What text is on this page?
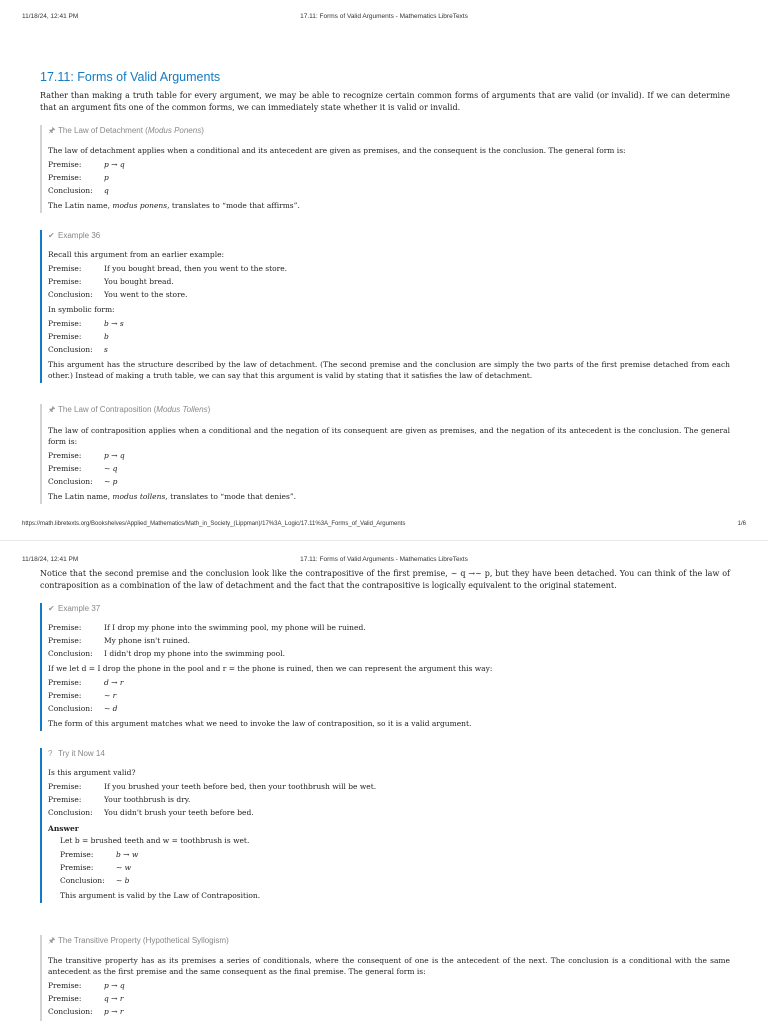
11/18/24, 12:41 PM	17.11: Forms of Valid Arguments - Mathematics LibreTexts
17.11: Forms of Valid Arguments

Rather than making a truth table for every argument, we may be able to recognize certain common forms of arguments that are valid (or invalid). If we can determine that an argument fits one of the common forms, we can immediately state whether it is valid or invalid.

🖈︎ The Law of Detachment (Modus Ponens)

The law of detachment applies when a conditional and its antecedent are given as premises, and the consequent is the conclusion. The general form is:

Premise:	p → q
Premise:	p
Conclusion:	q

The Latin name, modus ponens, translates to “mode that affirms”.

✔ Example 36

Recall this argument from an earlier example:

Premise:	If you bought bread, then you went to the store.
Premise:	You bought bread.
Conclusion:	You went to the store.

In symbolic form:

Premise:	b → s
Premise:	b
Conclusion:	s

This argument has the structure described by the law of detachment. (The second premise and the conclusion are simply the two parts of the first premise detached from each other.) Instead of making a truth table, we can say that this argument is valid by stating that it satisfies the law of detachment.

🖈︎ The Law of Contraposition (Modus Tollens)

The law of contraposition applies when a conditional and the negation of its consequent are given as premises, and the negation of its antecedent is the conclusion. The general form is:

Premise:	p → q
Premise:	∼ q
Conclusion:	∼ p

The Latin name, modus tollens, translates to “mode that denies”.

https://math.libretexts.org/Bookshelves/Applied_Mathematics/Math_in_Society_(Lippman)/17%3A_Logic/17.11%3A_Forms_of_Valid_Arguments	1/6
11/18/24, 12:41 PM	17.11: Forms of Valid Arguments - Mathematics LibreTexts

Notice that the second premise and the conclusion look like the contrapositive of the first premise, ∼ q →∼ p, but they have been detached. You can think of the law of contraposition as a combination of the law of detachment and the fact that the contrapositive is logically equivalent to the original statement.

✔ Example 37
Premise:	If I drop my phone into the swimming pool, my phone will be ruined.
Premise:	My phone isn't ruined.
Conclusion:	I didn't drop my phone into the swimming pool.

If we let d = I drop the phone in the pool and r = the phone is ruined, then we can represent the argument this way:

Premise:	d → r
Premise:	∼ r
Conclusion:	∼ d

The form of this argument matches what we need to invoke the law of contraposition, so it is a valid argument.

? Try it Now 14

Is this argument valid?

Premise:	If you brushed your teeth before bed, then your toothbrush will be wet.
Premise:	Your toothbrush is dry.
Conclusion:	You didn't brush your teeth before bed.
Answer

Let b = brushed teeth and w = toothbrush is wet.

Premise:	b → w
Premise:	∼ w
Conclusion:	∼ b

This argument is valid by the Law of Contraposition.

🖈︎ The Transitive Property (Hypothetical Syllogism)

The transitive property has as its premises a series of conditionals, where the consequent of one is the antecedent of the next. The conclusion is a conditional with the same antecedent as the first premise and the same consequent as the final premise. The general form is:

Premise:	p → q
Premise:	q → r
Conclusion:	p → r
